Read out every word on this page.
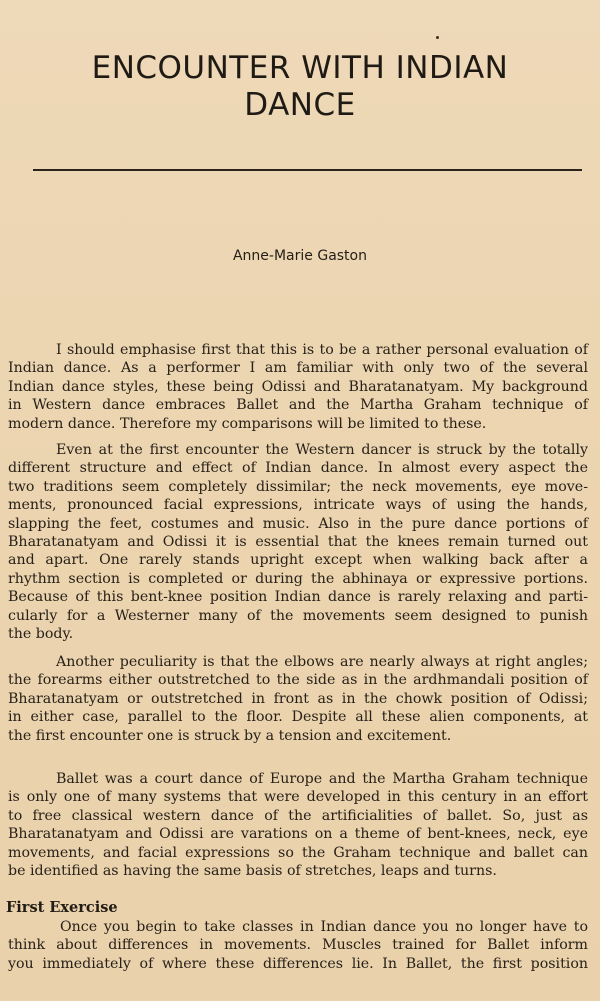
ENCOUNTER WITH INDIAN
DANCE
Anne-Marie Gaston
I should emphasise first that this is to be a rather personal evaluation of
Indian dance. As a performer I am familiar with only two of the several
Indian dance styles, these being Odissi and Bharatanatyam. My background
in Western dance embraces Ballet and the Martha Graham technique of
modern dance. Therefore my comparisons will be limited to these.
Even at the first encounter the Western dancer is struck by the totally
different structure and effect of Indian dance. In almost every aspect the
two traditions seem completely dissimilar; the neck movements, eye move-
ments, pronounced facial expressions, intricate ways of using the hands,
slapping the feet, costumes and music. Also in the pure dance portions of
Bharatanatyam and Odissi it is essential that the knees remain turned out
and apart. One rarely stands upright except when walking back after a
rhythm section is completed or during the abhinaya or expressive portions.
Because of this bent-knee position Indian dance is rarely relaxing and parti-
cularly for a Westerner many of the movements seem designed to punish
the body.
Another peculiarity is that the elbows are nearly always at right angles;
the forearms either outstretched to the side as in the ardhmandali position of
Bharatanatyam or outstretched in front as in the chowk position of Odissi;
in either case, parallel to the floor. Despite all these alien components, at
the first encounter one is struck by a tension and excitement.
Ballet was a court dance of Europe and the Martha Graham technique
is only one of many systems that were developed in this century in an effort
to free classical western dance of the artificialities of ballet. So, just as
Bharatanatyam and Odissi are varations on a theme of bent-knees, neck, eye
movements, and facial expressions so the Graham technique and ballet can
be identified as having the same basis of stretches, leaps and turns.
First Exercise
Once you begin to take classes in Indian dance you no longer have to
think about differences in movements. Muscles trained for Ballet inform
you immediately of where these differences lie. In Ballet, the first position
